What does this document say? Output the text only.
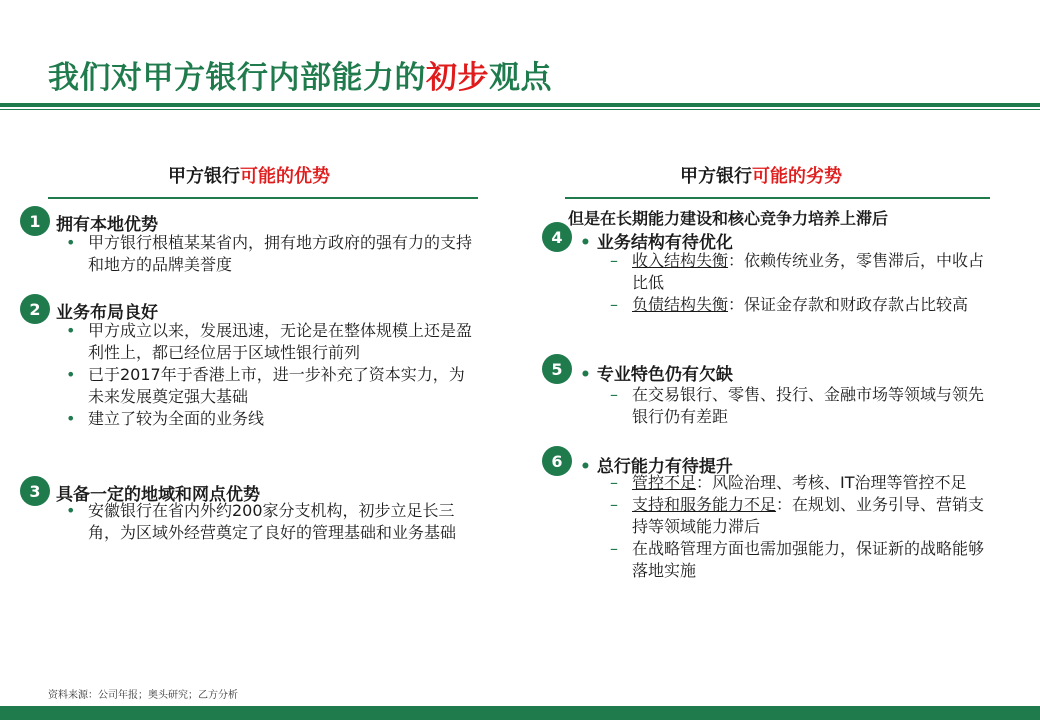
我们对甲方银行内部能力的初步观点
甲方银行可能的优势
1 拥有本地优势
• 甲方银行根植某某省内，拥有地方政府的强有力的支持和地方的品牌美誉度
2 业务布局良好
• 甲方成立以来，发展迅速，无论是在整体规模上还是盈利性上，都已经位居于区域性银行前列
• 已于2017年于香港上市，进一步补充了资本实力，为未来发展奠定强大基础
• 建立了较为全面的业务线
3 具备一定的地域和网点优势
• 安徽银行在省内外约200家分支机构，初步立足长三角，为区域外经营奠定了良好的管理基础和业务基础
甲方银行可能的劣势
但是在长期能力建设和核心竞争力培养上滞后
4	• 业务结构有待优化
– 收入结构失衡：依赖传统业务，零售滞后，中收占比低
– 负债结构失衡：保证金存款和财政存款占比较高
5	• 专业特色仍有欠缺
– 在交易银行、零售、投行、金融市场等领域与领先银行仍有差距
6	• 总行能力有待提升
– 管控不足：风险治理、考核、IT治理等管控不足
– 支持和服务能力不足：在规划、业务引导、营销支持等领域能力滞后
– 在战略管理方面也需加强能力，保证新的战略能够落地实施
资料来源：公司年报；奥头研究；乙方分析
